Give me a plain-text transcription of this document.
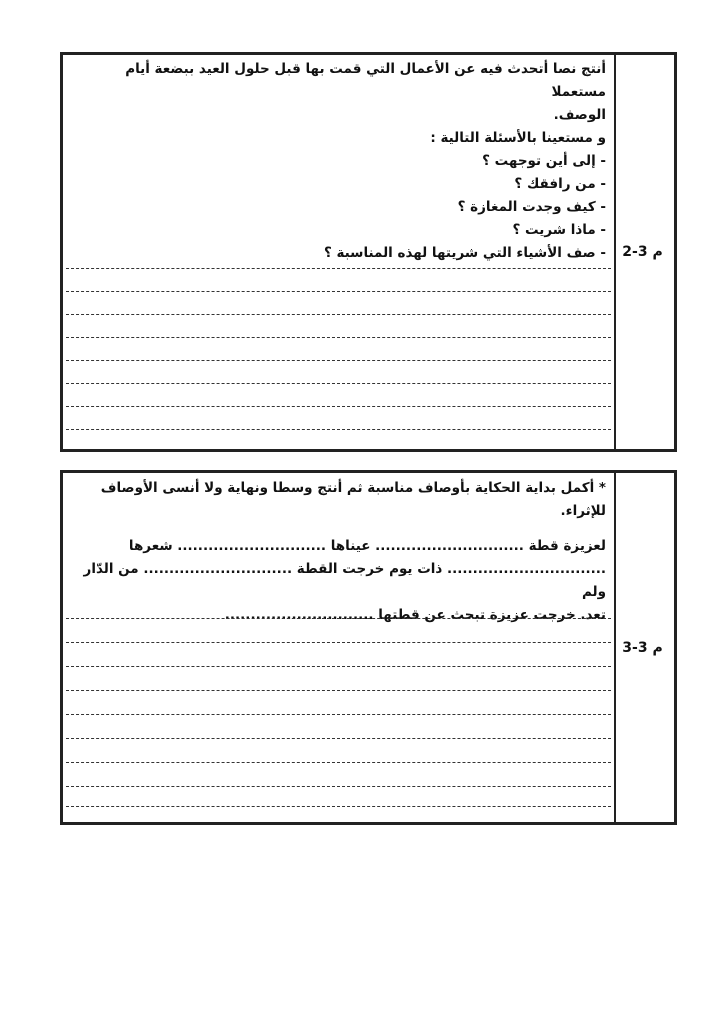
أنتج نصا أتحدث فيه عن الأعمال التي قمت بها قبل حلول العيد ببضعة أيام مستعملا

الوصف.

و مستعينا بالأسئلة التالية :

- إلى أين توجهت ؟

- من رافقك ؟

- كيف وجدت المغازة ؟

- ماذا شريت ؟

- صف الأشياء التي شريتها لهذه المناسبة ؟	م 3-2

* أكمل بداية الحكاية بأوصاف مناسبة ثم أنتج وسطا ونهاية ولا أنسى الأوصاف للإثراء.

لعزيزة قطة ............................. عيناها ............................. شعرها

............................... ذات يوم خرجت القطة ............................. من الدّار ولم

تعد. خرجت عزيزة تبحث عن قطتها .............................

م 3-3
